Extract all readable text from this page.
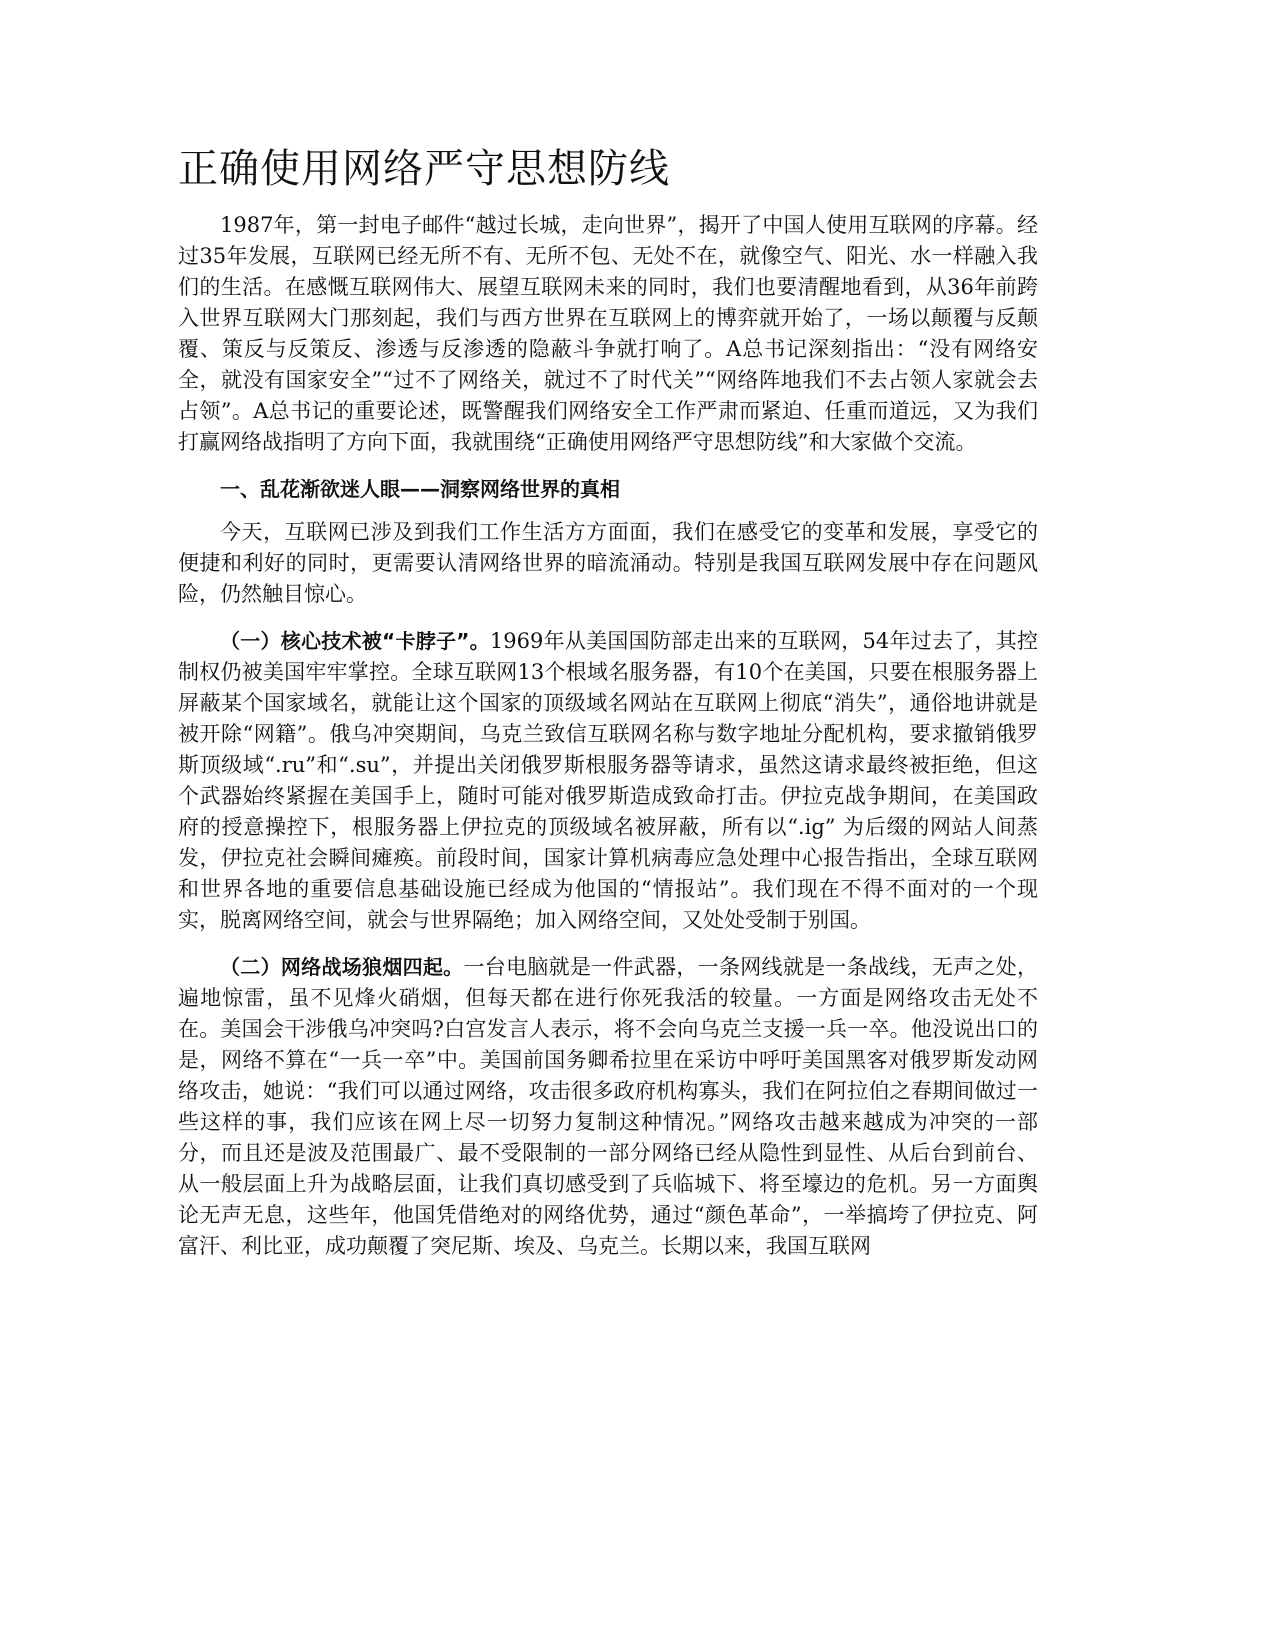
正确使用网络严守思想防线

1987年，第一封电子邮件“越过长城，走向世界”，揭开了中国人使用互联网的序幕。经过35年发展，互联网已经无所不有、无所不包、无处不在，就像空气、阳光、水一样融入我们的生活。在感慨互联网伟大、展望互联网未来的同时，我们也要清醒地看到，从36年前跨入世界互联网大门那刻起，我们与西方世界在互联网上的博弈就开始了，一场以颠覆与反颠覆、策反与反策反、渗透与反渗透的隐蔽斗争就打响了。A总书记深刻指出：“没有网络安全，就没有国家安全”“过不了网络关，就过不了时代关”“网络阵地我们不去占领人家就会去占领”。A总书记的重要论述，既警醒我们网络安全工作严肃而紧迫、任重而道远，又为我们打赢网络战指明了方向下面，我就围绕“正确使用网络严守思想防线”和大家做个交流。

一、乱花渐欲迷人眼——洞察网络世界的真相

今天，互联网已涉及到我们工作生活方方面面，我们在感受它的变革和发展，享受它的便捷和利好的同时，更需要认清网络世界的暗流涌动。特别是我国互联网发展中存在问题风险，仍然触目惊心。

（一）核心技术被“卡脖子”。1969年从美国国防部走出来的互联网，54年过去了，其控制权仍被美国牢牢掌控。全球互联网13个根域名服务器，有10个在美国，只要在根服务器上屏蔽某个国家域名，就能让这个国家的顶级域名网站在互联网上彻底“消失”，通俗地讲就是被开除“网籍”。俄乌冲突期间，乌克兰致信互联网名称与数字地址分配机构，要求撤销俄罗斯顶级域“.ru”和“.su”，并提出关闭俄罗斯根服务器等请求，虽然这请求最终被拒绝，但这个武器始终紧握在美国手上，随时可能对俄罗斯造成致命打击。伊拉克战争期间，在美国政府的授意操控下，根服务器上伊拉克的顶级域名被屏蔽，所有以“.ig” 为后缀的网站人间蒸发，伊拉克社会瞬间瘫痪。前段时间，国家计算机病毒应急处理中心报告指出，全球互联网和世界各地的重要信息基础设施已经成为他国的“情报站”。我们现在不得不面对的一个现实，脱离网络空间，就会与世界隔绝；加入网络空间，又处处受制于别国。

（二）网络战场狼烟四起。一台电脑就是一件武器，一条网线就是一条战线，无声之处，遍地惊雷，虽不见烽火硝烟，但每天都在进行你死我活的较量。一方面是网络攻击无处不在。美国会干涉俄乌冲突吗?白宫发言人表示，将不会向乌克兰支援一兵一卒。他没说出口的是，网络不算在“一兵一卒”中。美国前国务卿希拉里在采访中呼吁美国黑客对俄罗斯发动网络攻击，她说：“我们可以通过网络，攻击很多政府机构寡头，我们在阿拉伯之春期间做过一些这样的事，我们应该在网上尽一切努力复制这种情况。”网络攻击越来越成为冲突的一部分，而且还是波及范围最广、最不受限制的一部分网络已经从隐性到显性、从后台到前台、从一般层面上升为战略层面，让我们真切感受到了兵临城下、将至壕边的危机。另一方面舆论无声无息，这些年，他国凭借绝对的网络优势，通过“颜色革命”，一举搞垮了伊拉克、阿富汗、利比亚，成功颠覆了突尼斯、埃及、乌克兰。长期以来，我国互联网
